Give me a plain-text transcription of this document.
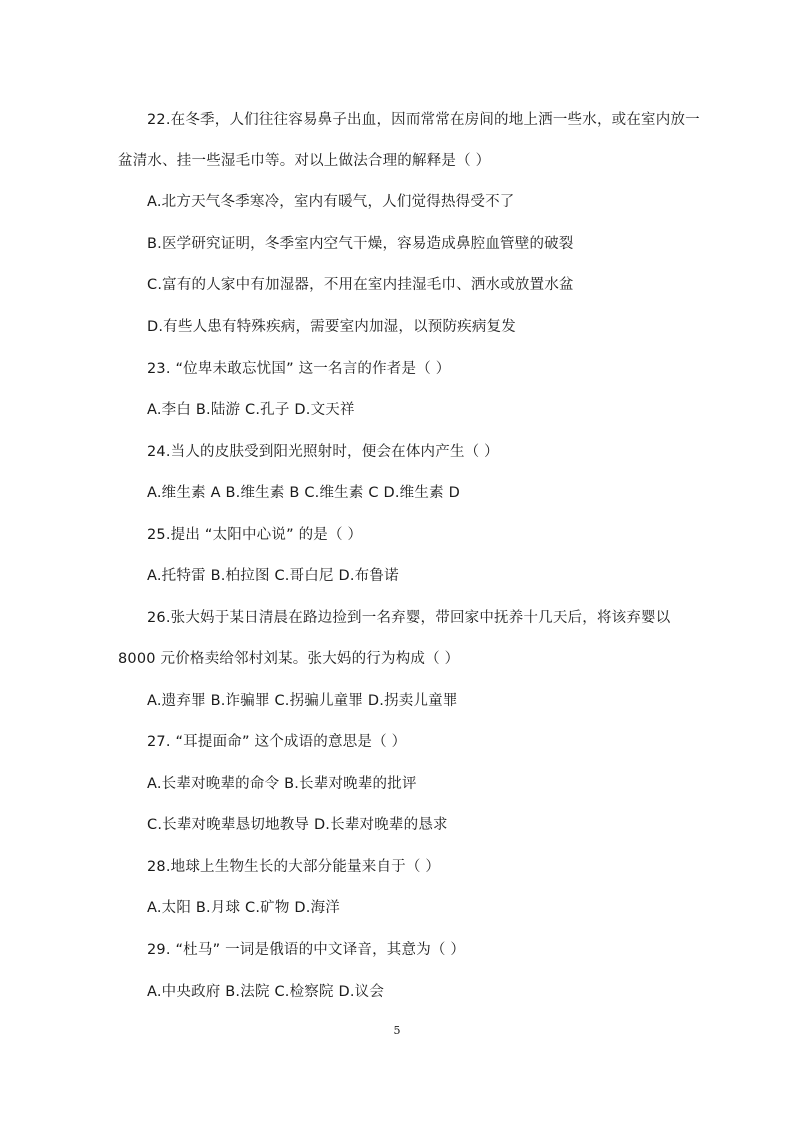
22.在冬季，人们往往容易鼻子出血，因而常常在房间的地上洒一些水，或在室内放一
盆清水、挂一些湿毛巾等。对以上做法合理的解释是（ ）
A.北方天气冬季寒冷，室内有暖气，人们觉得热得受不了
B.医学研究证明，冬季室内空气干燥，容易造成鼻腔血管壁的破裂
C.富有的人家中有加湿器，不用在室内挂湿毛巾、洒水或放置水盆
D.有些人患有特殊疾病，需要室内加湿，以预防疾病复发
23. “位卑未敢忘忧国” 这一名言的作者是（ ）
A.李白 B.陆游 C.孔子 D.文天祥
24.当人的皮肤受到阳光照射时，便会在体内产生（ ）
A.维生素 A B.维生素 B C.维生素 C D.维生素 D
25.提出 “太阳中心说” 的是（ ）
A.托特雷 B.柏拉图 C.哥白尼 D.布鲁诺
26.张大妈于某日清晨在路边捡到一名弃婴，带回家中抚养十几天后，将该弃婴以
8000 元价格卖给邻村刘某。张大妈的行为构成（ ）
A.遗弃罪 B.诈骗罪 C.拐骗儿童罪 D.拐卖儿童罪
27. “耳提面命” 这个成语的意思是（ ）
A.长辈对晚辈的命令 B.长辈对晚辈的批评
C.长辈对晚辈恳切地教导 D.长辈对晚辈的恳求
28.地球上生物生长的大部分能量来自于（ ）
A.太阳 B.月球 C.矿物 D.海洋
29. “杜马” 一词是俄语的中文译音，其意为（ ）
A.中央政府 B.法院 C.检察院 D.议会
5
